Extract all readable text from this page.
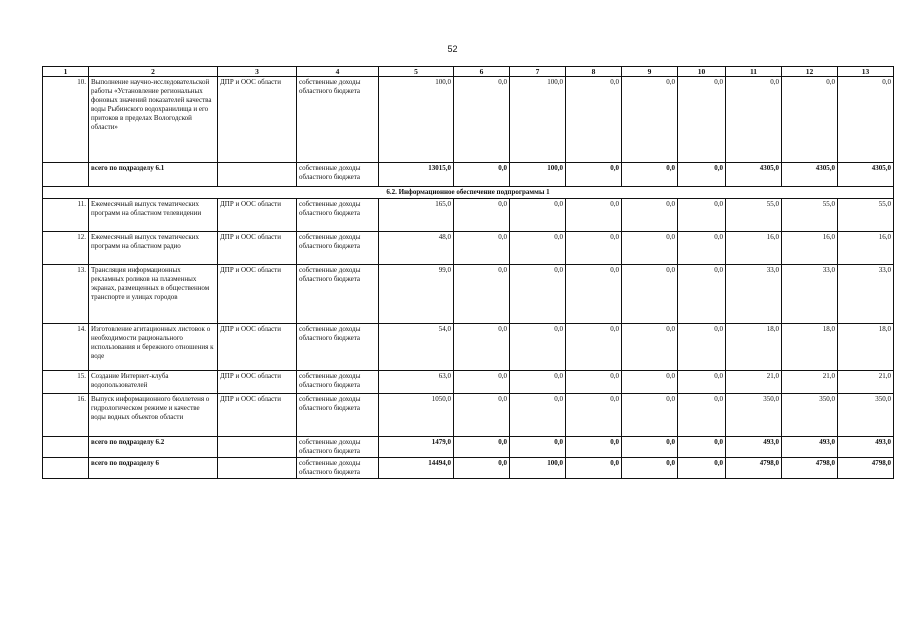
52
1	2	3	4	5	6	7	8	9	10	11	12	13
10.	Выполнение научно-исследовательской работы «Установление региональных фоновых значений показателей качества воды Рыбинского водохранилища и его притоков в пределах Вологодской области»	ДПР и ООС области	собственные доходы областного бюджета	100,0	0,0	100,0	0,0	0,0	0,0	0,0	0,0	0,0
	всего по подразделу 6.1		собственные доходы областного бюджета	13015,0	0,0	100,0	0,0	0,0	0,0	4305,0	4305,0	4305,0
6.2. Информационное обеспечение подпрограммы 1												
11.	Ежемесячный выпуск тематических программ на областном телевидении	ДПР и ООС области	собственные доходы областного бюджета	165,0	0,0	0,0	0,0	0,0	0,0	55,0	55,0	55,0
12.	Ежемесячный выпуск тематических программ на областном радио	ДПР и ООС области	собственные доходы областного бюджета	48,0	0,0	0,0	0,0	0,0	0,0	16,0	16,0	16,0
13.	Трансляция информационных рекламных роликов на плазменных экранах, размещенных в общественном транспорте и улицах городов	ДПР и ООС области	собственные доходы областного бюджета	99,0	0,0	0,0	0,0	0,0	0,0	33,0	33,0	33,0
14.	Изготовление агитационных листовок о необходимости рационального использования и бережного отношения к воде	ДПР и ООС области	собственные доходы областного бюджета	54,0	0,0	0,0	0,0	0,0	0,0	18,0	18,0	18,0
15.	Создание Интернет-клуба водопользователей	ДПР и ООС области	собственные доходы областного бюджета	63,0	0,0	0,0	0,0	0,0	0,0	21,0	21,0	21,0
16.	Выпуск информационного бюллетеня о гидрологическом режиме и качестве воды водных объектов области	ДПР и ООС области	собственные доходы областного бюджета	1050,0	0,0	0,0	0,0	0,0	0,0	350,0	350,0	350,0
	всего по подразделу 6.2		собственные доходы областного бюджета	1479,0	0,0	0,0	0,0	0,0	0,0	493,0	493,0	493,0
	всего по подразделу 6		собственные доходы областного бюджета	14494,0	0,0	100,0	0,0	0,0	0,0	4798,0	4798,0	4798,0
